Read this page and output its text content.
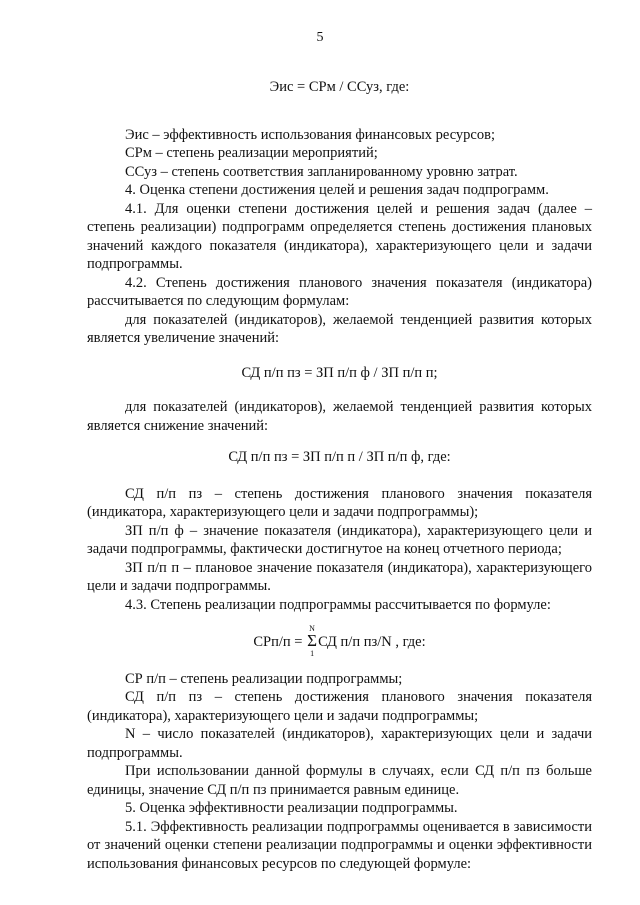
5

Эис = СРм / ССуз, где:

Эис – эффективность использования финансовых ресурсов;

СРм – степень реализации мероприятий;

ССуз – степень соответствия запланированному уровню затрат.

4. Оценка степени достижения целей и решения задач подпрограмм.

4.1. Для оценки степени достижения целей и решения задач (далее – степень реализации) подпрограмм определяется степень достижения плановых значений каждого показателя (индикатора), характеризующего цели и задачи подпрограммы.

4.2. Степень достижения планового значения показателя (индикатора) рассчитывается по следующим формулам:

для показателей (индикаторов), желаемой тенденцией развития которых является увеличение значений:

СД п/п пз = ЗП п/п ф / ЗП п/п п;

для показателей (индикаторов), желаемой тенденцией развития которых является снижение значений:

СД п/п пз = ЗП п/п п / ЗП п/п ф, где:

СД п/п пз – степень достижения планового значения показателя (индикатора, характеризующего цели и задачи подпрограммы);

ЗП п/п ф – значение показателя (индикатора), характеризующего цели и задачи подпрограммы, фактически достигнутое на конец отчетного периода;

ЗП п/п п – плановое значение показателя (индикатора), характеризующего цели и задачи подпрограммы.

4.3. Степень реализации подпрограммы рассчитывается по формуле:

СРп/п =
N
Σ
1
СД п/п пз/N , где:

СР п/п – степень реализации подпрограммы;

СД п/п пз – степень достижения планового значения показателя (индикатора), характеризующего цели и задачи подпрограммы;

N – число показателей (индикаторов), характеризующих цели и задачи подпрограммы.

При использовании данной формулы в случаях, если СД п/п пз больше единицы, значение СД п/п пз принимается равным единице.

5. Оценка эффективности реализации подпрограммы.

5.1. Эффективность реализации подпрограммы оценивается в зависимости от значений оценки степени реализации подпрограммы и оценки эффективности использования финансовых ресурсов по следующей формуле:
